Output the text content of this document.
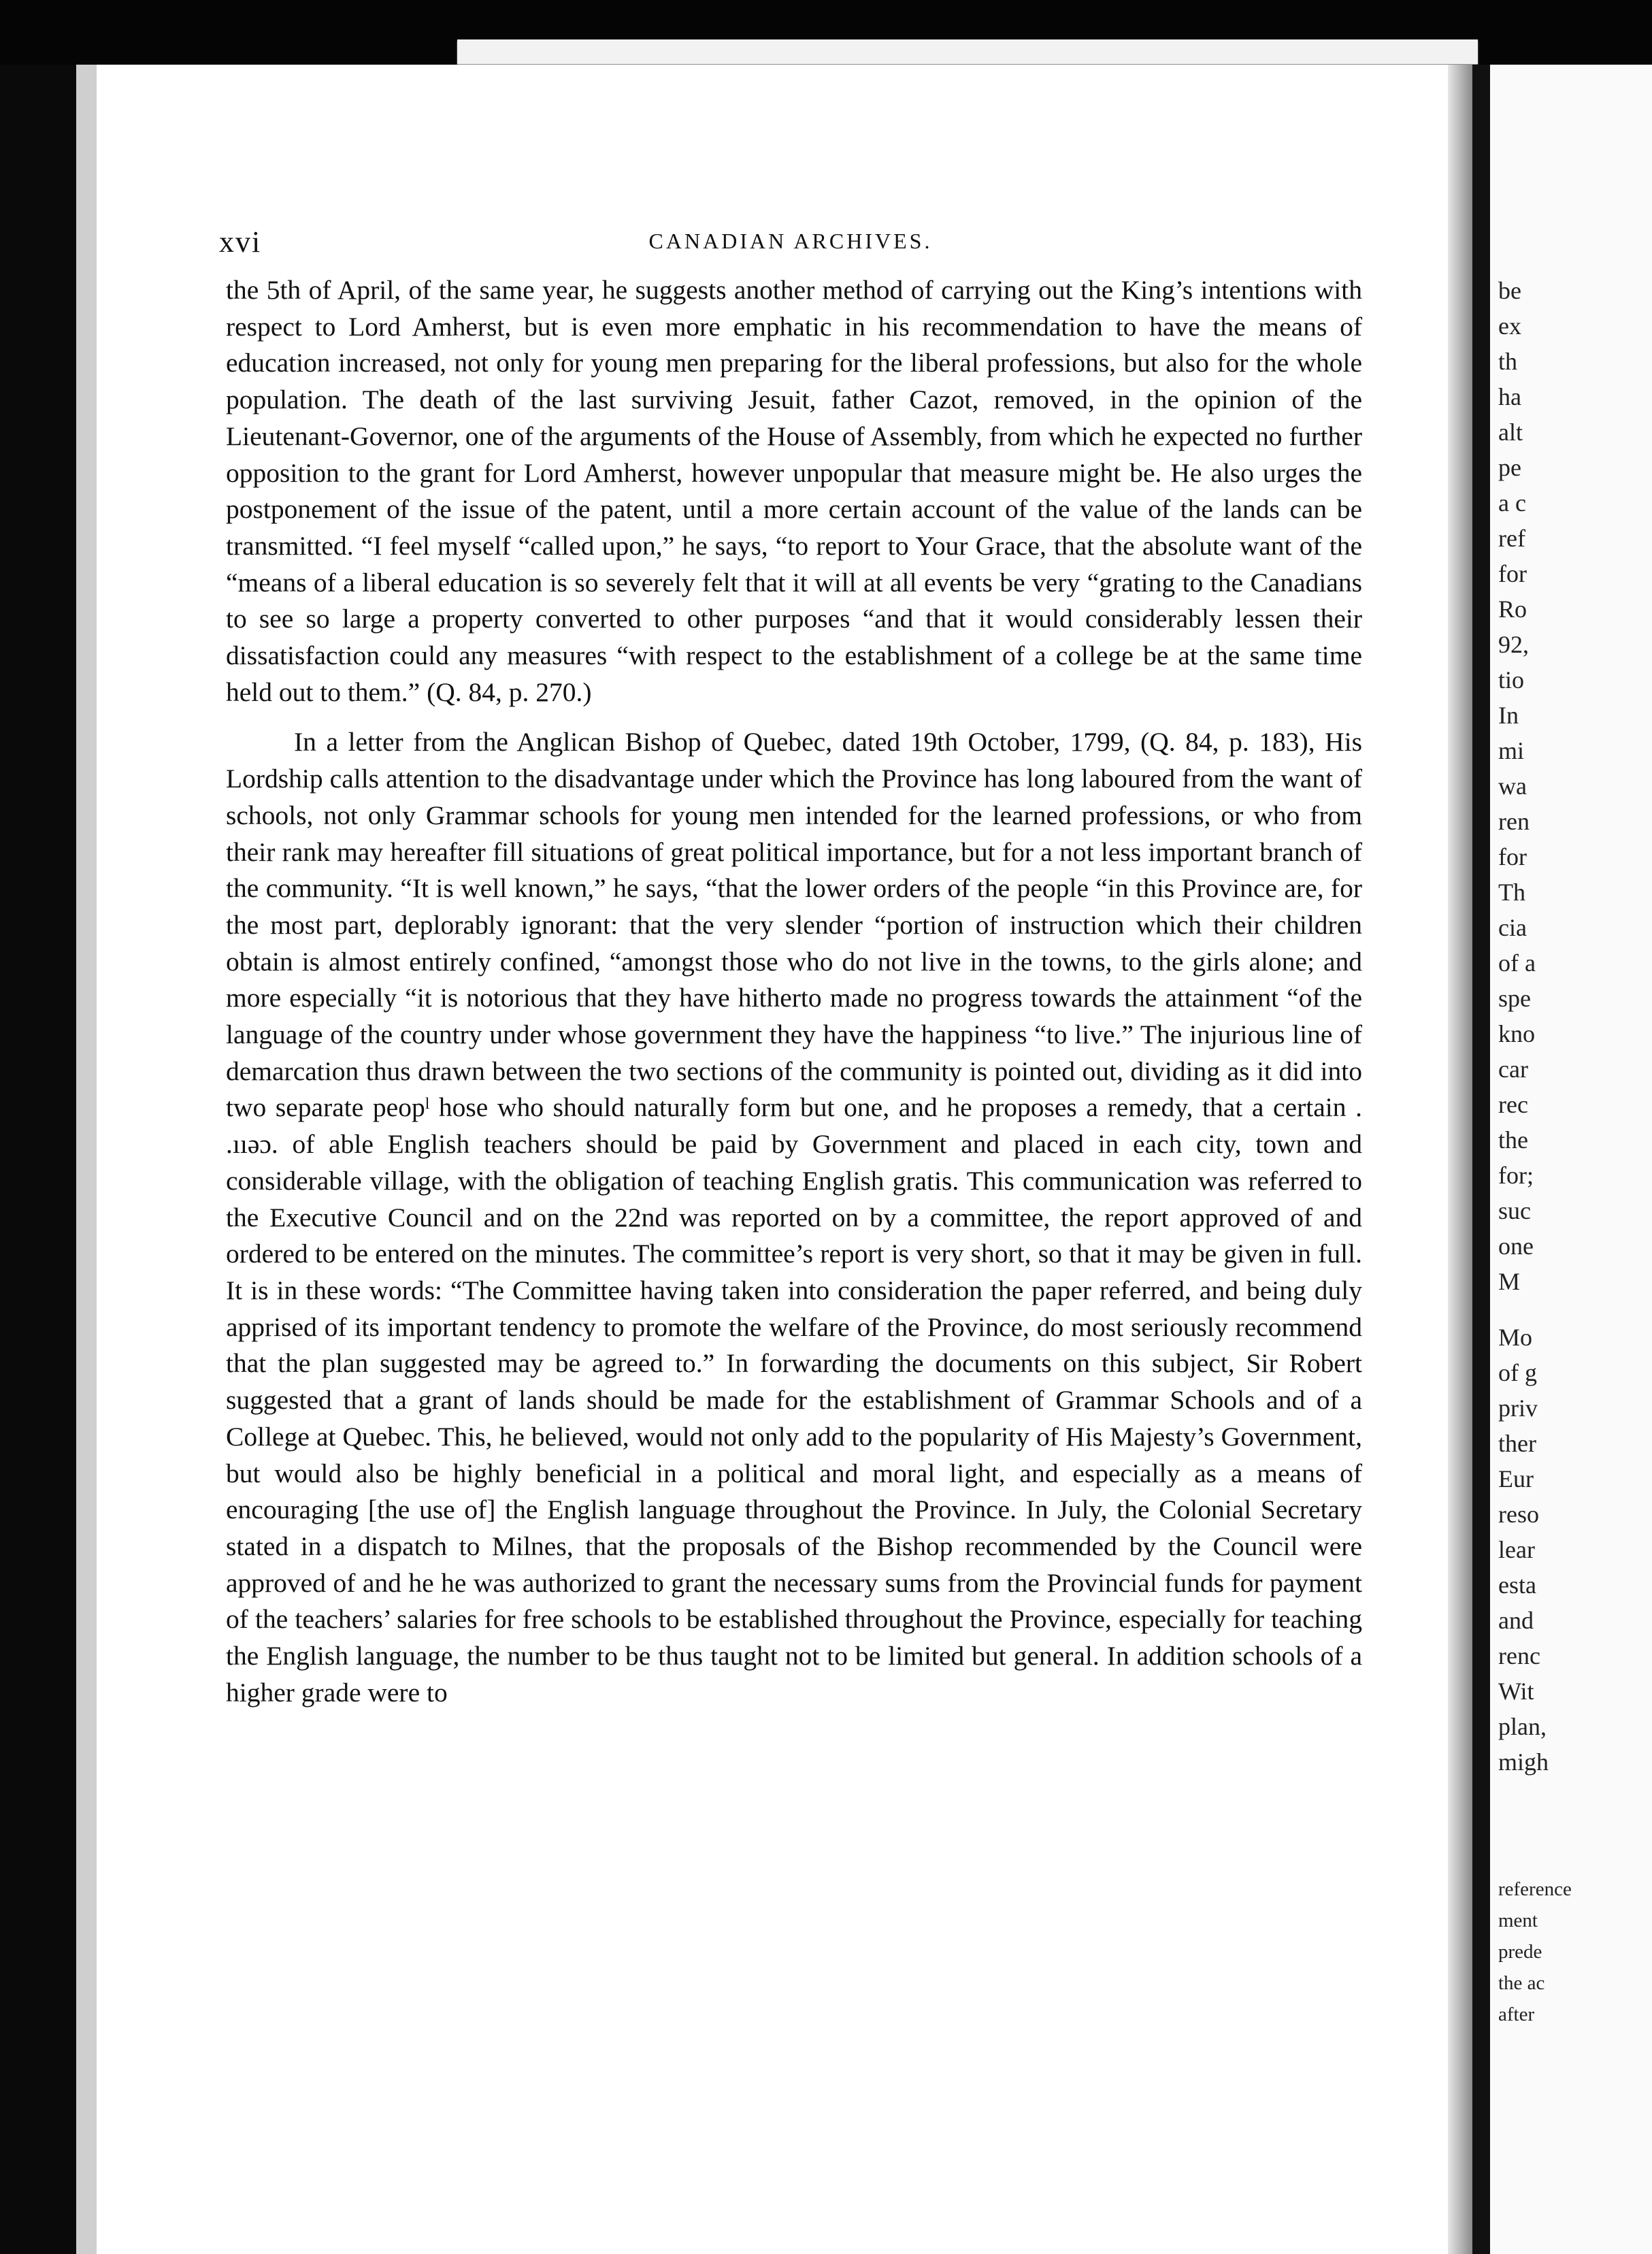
xvi	CANADIAN ARCHIVES.

the 5th of April, of the same year, he suggests another method of carrying out the King’s intentions with respect to Lord Amherst, but is even more emphatic in his recommendation to have the means of education increased, not only for young men preparing for the liberal professions, but also for the whole population. The death of the last surviving Jesuit, father Cazot, removed, in the opinion of the Lieutenant-Governor, one of the arguments of the House of Assembly, from which he expected no further opposition to the grant for Lord Amherst, however unpopular that measure might be. He also urges the postponement of the issue of the patent, until a more certain account of the value of the lands can be transmitted. “I feel myself “called upon,” he says, “to report to Your Grace, that the absolute want of the “means of a liberal education is so severely felt that it will at all events be very “grating to the Canadians to see so large a property converted to other purposes “and that it would considerably lessen their dissatisfaction could any measures “with respect to the establishment of a college be at the same time held out to them.” (Q. 84, p. 270.)

In a letter from the Anglican Bishop of Quebec, dated 19th October, 1799, (Q. 84, p. 183), His Lordship calls attention to the disadvantage under which the Province has long laboured from the want of schools, not only Grammar schools for young men intended for the learned professions, or who from their rank may hereafter fill situations of great political importance, but for a not less important branch of the community. “It is well known,” he says, “that the lower orders of the people “in this Province are, for the most part, deplorably ignorant: that the very slender “portion of instruction which their children obtain is almost entirely confined, “amongst those who do not live in the towns, to the girls alone; and more especially “it is notorious that they have hitherto made no progress towards the attainment “of the language of the country under whose government they have the happiness “to live.” The injurious line of demarcation thus drawn between the two sections of the community is pointed out, dividing as it did into two separate peopˡ hose who should naturally form but one, and he proposes a remedy, that a certain . .ııəɔ. of able English teachers should be paid by Government and placed in each city, town and considerable village, with the obligation of teaching English gratis. This communication was referred to the Executive Council and on the 22nd was reported on by a committee, the report approved of and ordered to be entered on the minutes. The committee’s report is very short, so that it may be given in full. It is in these words: “The Committee having taken into consideration the paper referred, and being duly apprised of its important tendency to promote the welfare of the Province, do most seriously recommend that the plan suggested may be agreed to.” In forwarding the documents on this subject, Sir Robert suggested that a grant of lands should be made for the establishment of Grammar Schools and of a College at Quebec. This, he believed, would not only add to the popularity of His Majesty’s Government, but would also be highly beneficial in a political and moral light, and especially as a means of encouraging [the use of] the English language throughout the Province. In July, the Colonial Secretary stated in a dispatch to Milnes, that the proposals of the Bishop recommended by the Council were approved of and he he was authorized to grant the necessary sums from the Provincial funds for payment of the teachers’ salaries for free schools to be established throughout the Province, especially for teaching the English language, the number to be thus taught not to be limited but general. In addition schools of a higher grade were to

be
ex
th
ha
alt
pe
a c
ref
for
Ro
92,
tio
In
mi
wa
ren
for
Th
cia
of a
spe
kno
car
rec
the
for;
suc
one
M
Mo
of g
priv
ther
Eur
reso
lear
esta
and
renc
Wit
plan,
migh
reference
ment
prede
the ac
after
